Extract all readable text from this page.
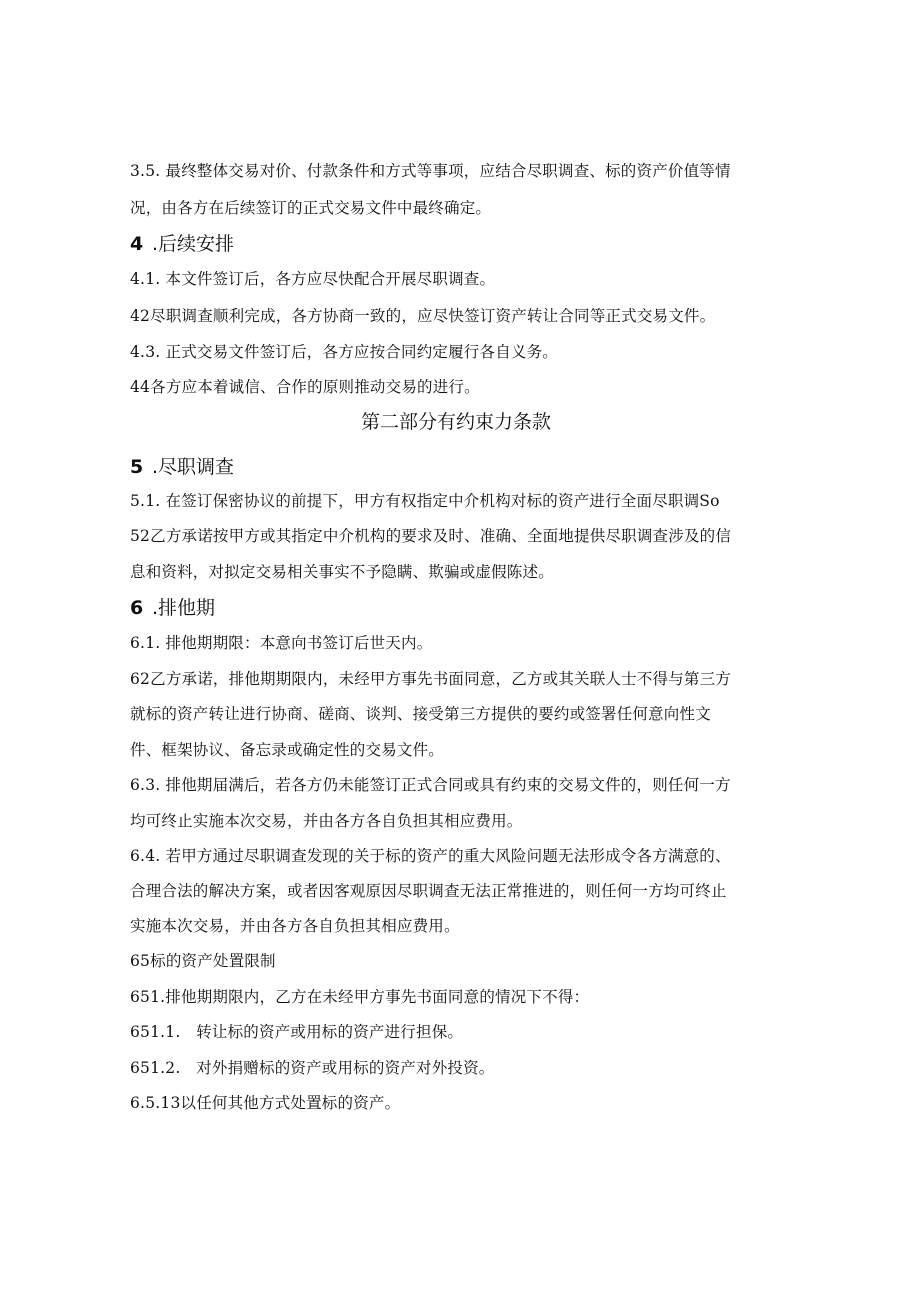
3.5. 最终整体交易对价、付款条件和方式等事项，应结合尽职调查、标的资产价值等情
况，由各方在后续签订的正式交易文件中最终确定。
4 .后续安排
4.1. 本文件签订后，各方应尽快配合开展尽职调查。
42尽职调查顺利完成，各方协商一致的，应尽快签订资产转让合同等正式交易文件。
4.3. 正式交易文件签订后，各方应按合同约定履行各自义务。
44各方应本着诚信、合作的原则推动交易的进行。
第二部分有约束力条款
5 .尽职调查
5.1. 在签订保密协议的前提下，甲方有权指定中介机构对标的资产进行全面尽职调So
52乙方承诺按甲方或其指定中介机构的要求及时、准确、全面地提供尽职调查涉及的信
息和资料，对拟定交易相关事实不予隐瞒、欺骗或虚假陈述。
6 .排他期
6.1. 排他期期限：本意向书签订后世天内。
62乙方承诺，排他期期限内，未经甲方事先书面同意，乙方或其关联人士不得与第三方
就标的资产转让进行协商、磋商、谈判、接受第三方提供的要约或签署任何意向性文
件、框架协议、备忘录或确定性的交易文件。
6.3. 排他期届满后，若各方仍未能签订正式合同或具有约束的交易文件的，则任何一方
均可终止实施本次交易，并由各方各自负担其相应费用。
6.4. 若甲方通过尽职调查发现的关于标的资产的重大风险问题无法形成令各方满意的、
合理合法的解决方案，或者因客观原因尽职调查无法正常推进的，则任何一方均可终止
实施本次交易，并由各方各自负担其相应费用。
65标的资产处置限制
651.排他期期限内，乙方在未经甲方事先书面同意的情况下不得：
651.1.　转让标的资产或用标的资产进行担保。
651.2.　对外捐赠标的资产或用标的资产对外投资。
6.5.13以任何其他方式处置标的资产。
